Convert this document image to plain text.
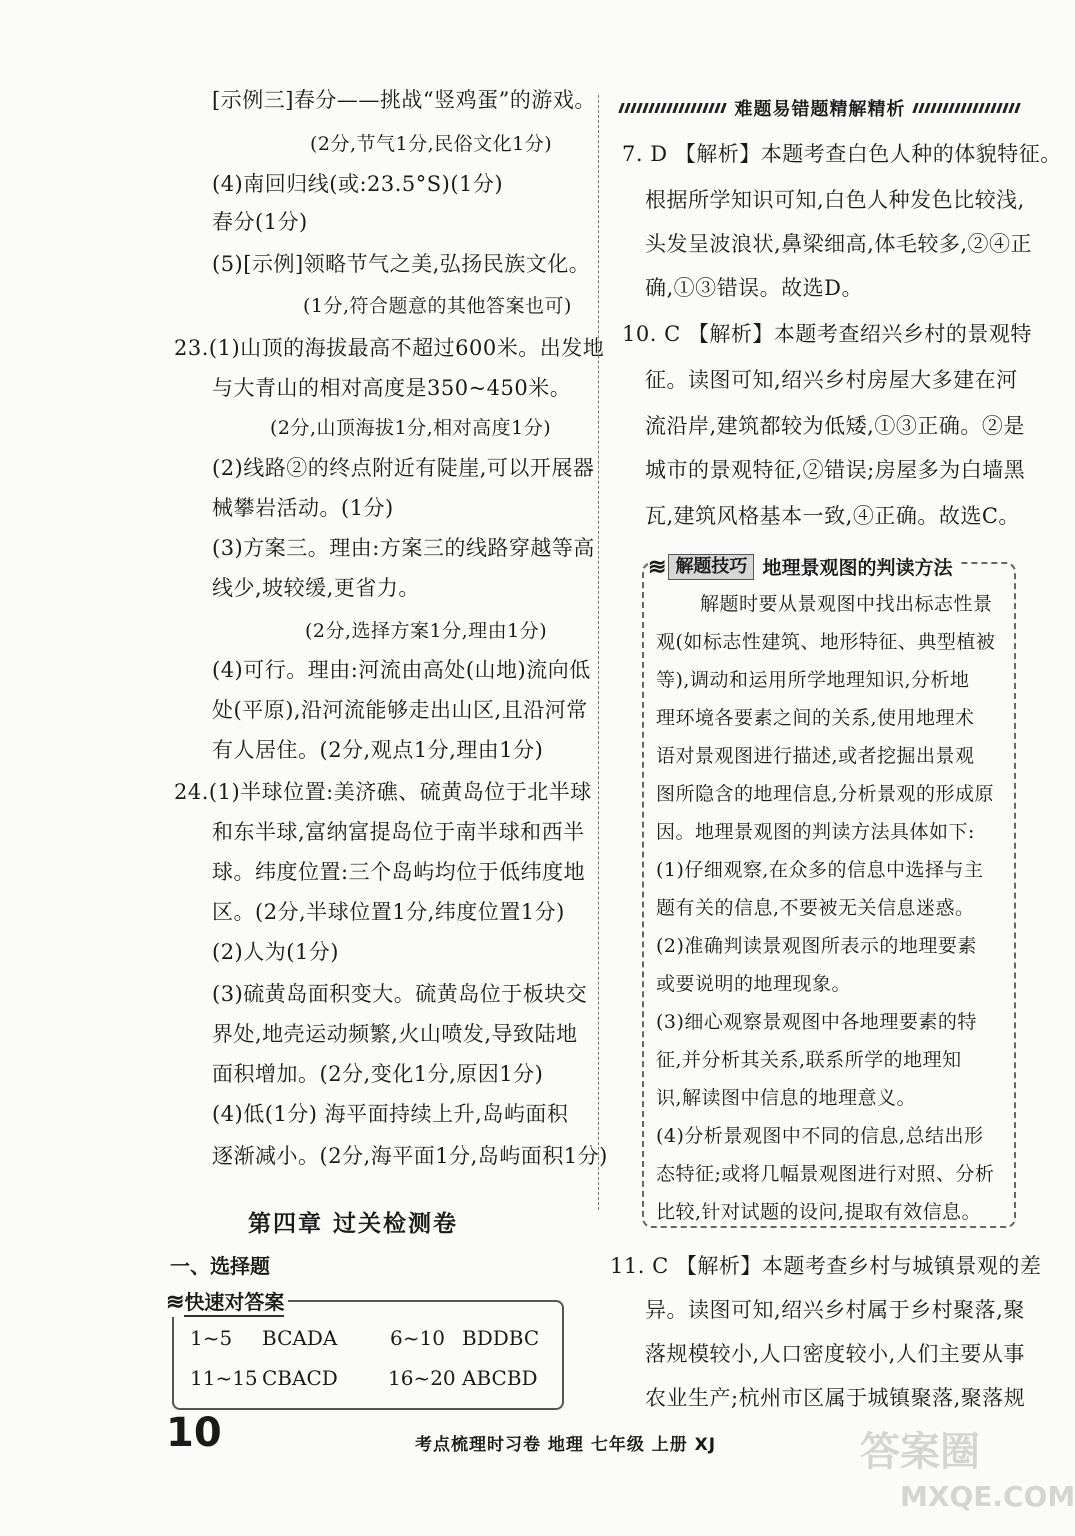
[示例三]春分——挑战“竖鸡蛋”的游戏。
(2分,节气1分,民俗文化1分)
(4)南回归线(或:23.5°S)(1分)
春分(1分)
(5)[示例]领略节气之美,弘扬民族文化。
(1分,符合题意的其他答案也可)
23.(1)山顶的海拔最高不超过600米。出发地
与大青山的相对高度是350~450米。
(2分,山顶海拔1分,相对高度1分)
(2)线路②的终点附近有陡崖,可以开展器
械攀岩活动。(1分)
(3)方案三。理由:方案三的线路穿越等高
线少,坡较缓,更省力。
(2分,选择方案1分,理由1分)
(4)可行。理由:河流由高处(山地)流向低
处(平原),沿河流能够走出山区,且沿河常
有人居住。(2分,观点1分,理由1分)
24.(1)半球位置:美济礁、硫黄岛位于北半球
和东半球,富纳富提岛位于南半球和西半
球。纬度位置:三个岛屿均位于低纬度地
区。(2分,半球位置1分,纬度位置1分)
(2)人为(1分)
(3)硫黄岛面积变大。硫黄岛位于板块交
界处,地壳运动频繁,火山喷发,导致陆地
面积增加。(2分,变化1分,原因1分)
(4)低(1分) 海平面持续上升,岛屿面积
逐渐减小。(2分,海平面1分,岛屿面积1分)
第四章 过关检测卷
一、选择题
≋ 快速对答案
1~5 BCADA	6~10 BDDBC
11~15 CBACD	16~20 ABCBD
难题易错题精解精析
7. D 【解析】本题考查白色人种的体貌特征。
根据所学知识可知,白色人种发色比较浅,
头发呈波浪状,鼻梁细高,体毛较多,②④正
确,①③错误。故选D。
10. C 【解析】本题考查绍兴乡村的景观特
征。读图可知,绍兴乡村房屋大多建在河
流沿岸,建筑都较为低矮,①③正确。②是
城市的景观特征,②错误;房屋多为白墙黑
瓦,建筑风格基本一致,④正确。故选C。
≋ 解题技巧 地理景观图的判读方法
解题时要从景观图中找出标志性景
观(如标志性建筑、地形特征、典型植被
等),调动和运用所学地理知识,分析地
理环境各要素之间的关系,使用地理术
语对景观图进行描述,或者挖掘出景观
图所隐含的地理信息,分析景观的形成原
因。地理景观图的判读方法具体如下:
(1)仔细观察,在众多的信息中选择与主
题有关的信息,不要被无关信息迷惑。
(2)准确判读景观图所表示的地理要素
或要说明的地理现象。
(3)细心观察景观图中各地理要素的特
征,并分析其关系,联系所学的地理知
识,解读图中信息的地理意义。
(4)分析景观图中不同的信息,总结出形
态特征;或将几幅景观图进行对照、分析
比较,针对试题的设问,提取有效信息。
11. C 【解析】本题考查乡村与城镇景观的差
异。读图可知,绍兴乡村属于乡村聚落,聚
落规模较小,人口密度较小,人们主要从事
农业生产;杭州市区属于城镇聚落,聚落规
10	考点梳理时习卷 地理 七年级 上册 XJ	答案圈
MXQE.COM
